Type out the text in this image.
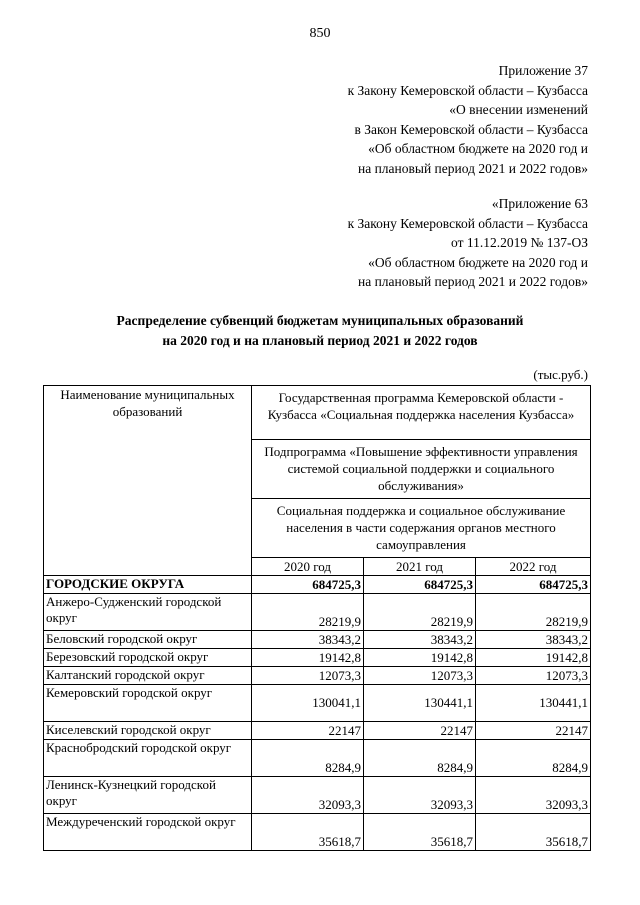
850
Приложение 37
к Закону Кемеровской области – Кузбасса
«О внесении изменений
в Закон Кемеровской области – Кузбасса
«Об областном бюджете на 2020 год и
на плановый период 2021 и 2022 годов»
«Приложение 63
к Закону Кемеровской области – Кузбасса
от 11.12.2019 № 137-ОЗ
«Об областном бюджете на 2020 год и
на плановый период 2021 и 2022 годов»
Распределение субвенций бюджетам муниципальных образований
на 2020 год и на плановый период 2021 и 2022 годов
(тыс.руб.)
Наименование муниципальных образований	Государственная программа Кемеровской области - Кузбасса «Социальная поддержка населения Кузбасса»		
	Подпрограмма «Повышение эффективности управления системой социальной поддержки и социального обслуживания»		
	Социальная поддержка и социальное обслуживание населения в части содержания органов местного самоуправления		
	2020 год	2021 год	2022 год
ГОРОДСКИЕ ОКРУГА	684725,3	684725,3	684725,3
Анжеро-Судженский городской округ	28219,9	28219,9	28219,9
Беловский городской округ	38343,2	38343,2	38343,2
Березовский городской округ	19142,8	19142,8	19142,8
Калтанский городской округ	12073,3	12073,3	12073,3
Кемеровский городской округ	130041,1	130441,1	130441,1
Киселевский городской округ	22147	22147	22147
Краснобродский городской округ	8284,9	8284,9	8284,9
Ленинск-Кузнецкий городской округ	32093,3	32093,3	32093,3
Междуреченский городской округ	35618,7	35618,7	35618,7
